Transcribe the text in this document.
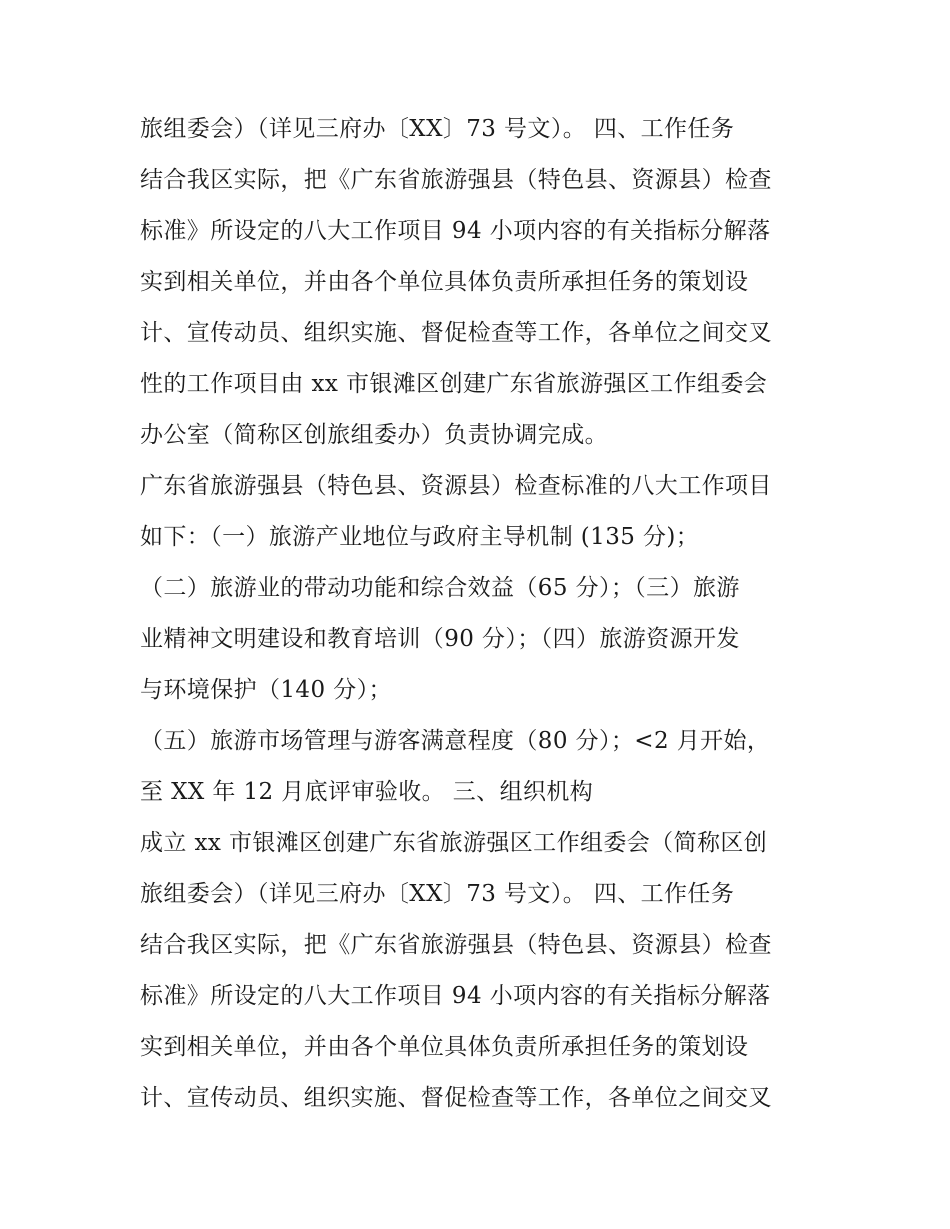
旅组委会）（详见三府办〔XX〕73 号文）。 四、工作任务
结合我区实际，把《广东省旅游强县（特色县、资源县）检查
标准》所设定的八大工作项目 94 小项内容的有关指标分解落
实到相关单位，并由各个单位具体负责所承担任务的策划设
计、宣传动员、组织实施、督促检查等工作，各单位之间交叉
性的工作项目由 xx 市银滩区创建广东省旅游强区工作组委会
办公室（简称区创旅组委办）负责协调完成。
广东省旅游强县（特色县、资源县）检查标准的八大工作项目
如下：（一）旅游产业地位与政府主导机制 (135 分)；
（二）旅游业的带动功能和综合效益（65 分）；（三）旅游
业精神文明建设和教育培训（90 分）；（四）旅游资源开发
与环境保护（140 分）；
（五）旅游市场管理与游客满意程度（80 分）；<2 月开始，
至 XX 年 12 月底评审验收。 三、组织机构
成立 xx 市银滩区创建广东省旅游强区工作组委会（简称区创
旅组委会）（详见三府办〔XX〕73 号文）。 四、工作任务
结合我区实际，把《广东省旅游强县（特色县、资源县）检查
标准》所设定的八大工作项目 94 小项内容的有关指标分解落
实到相关单位，并由各个单位具体负责所承担任务的策划设
计、宣传动员、组织实施、督促检查等工作，各单位之间交叉
